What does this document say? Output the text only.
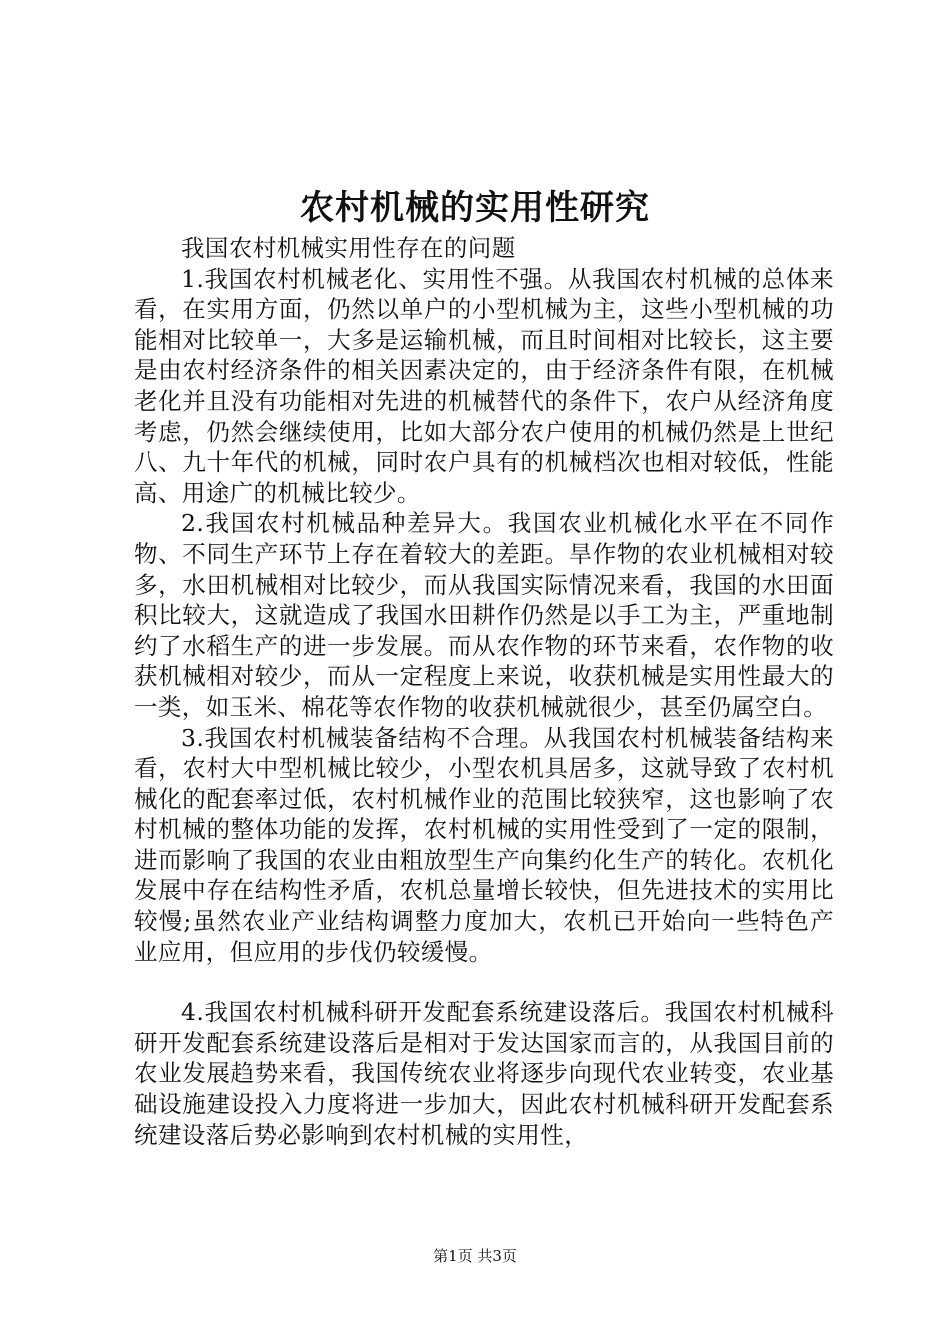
农村机械的实用性研究

我国农村机械实用性存在的问题

1.我国农村机械老化、实用性不强。从我国农村机械的总体来看，在实用方面，仍然以单户的小型机械为主，这些小型机械的功能相对比较单一，大多是运输机械，而且时间相对比较长，这主要是由农村经济条件的相关因素决定的，由于经济条件有限，在机械老化并且没有功能相对先进的机械替代的条件下，农户从经济角度考虑，仍然会继续使用，比如大部分农户使用的机械仍然是上世纪八、九十年代的机械，同时农户具有的机械档次也相对较低，性能高、用途广的机械比较少。

2.我国农村机械品种差异大。我国农业机械化水平在不同作物、不同生产环节上存在着较大的差距。旱作物的农业机械相对较多，水田机械相对比较少，而从我国实际情况来看，我国的水田面积比较大，这就造成了我国水田耕作仍然是以手工为主，严重地制约了水稻生产的进一步发展。而从农作物的环节来看，农作物的收获机械相对较少，而从一定程度上来说，收获机械是实用性最大的一类，如玉米、棉花等农作物的收获机械就很少，甚至仍属空白。

3.我国农村机械装备结构不合理。从我国农村机械装备结构来看，农村大中型机械比较少，小型农机具居多，这就导致了农村机械化的配套率过低，农村机械作业的范围比较狭窄，这也影响了农村机械的整体功能的发挥，农村机械的实用性受到了一定的限制，进而影响了我国的农业由粗放型生产向集约化生产的转化。农机化发展中存在结构性矛盾，农机总量增长较快，但先进技术的实用比较慢;虽然农业产业结构调整力度加大，农机已开始向一些特色产业应用，但应用的步伐仍较缓慢。

4.我国农村机械科研开发配套系统建设落后。我国农村机械科研开发配套系统建设落后是相对于发达国家而言的，从我国目前的农业发展趋势来看，我国传统农业将逐步向现代农业转变，农业基础设施建设投入力度将进一步加大，因此农村机械科研开发配套系统建设落后势必影响到农村机械的实用性，

第1页 共3页
